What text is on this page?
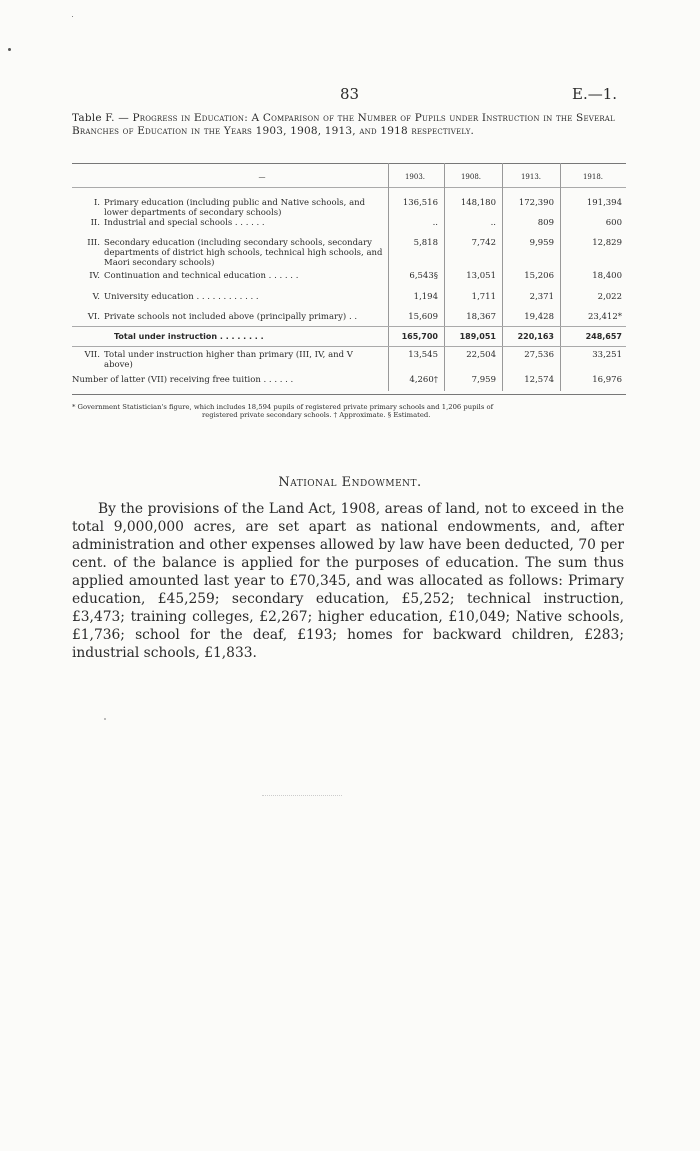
83	E.—1.
Table F. — Progress in Education: A Comparison of the Number of Pupils under Instruction in the Several Branches of Education in the Years 1903, 1908, 1913, and 1918 respectively.
—	1903.	1908.	1913.	1918.
I. Primary education (including public and Native schools, and
lower departments of secondary schools)
136,516	148,180	172,390	191,394
II. Industrial and special schools . . . . . .	..	..	809	600
III. Secondary education (including secondary schools, secondary
departments of district high schools, technical high schools, and Maori secondary schools)
5,818	7,742	9,959	12,829
IV. Continuation and technical education . . . . . .	6,543§	13,051	15,206	18,400
V. University education . . . . . . . . . . . .	1,194	1,711	2,371	2,022
VI. Private schools not included above (principally primary) . .	15,609	18,367	19,428	23,412*
Total under instruction . . . . . . . .	165,700	189,051	220,163	248,657
VII. Total under instruction higher than primary (III, IV, and V
above)
13,545	22,504	27,536	33,251
Number of latter (VII) receiving free tuition . . . . . .	4,260†	7,959	12,574	16,976
* Government Statistician's figure, which includes 18,594 pupils of registered private primary schools and 1,206 pupils of
registered private secondary schools. † Approximate. § Estimated.
National Endowment.
By the provisions of the Land Act, 1908, areas of land, not to exceed in the total 9,000,000 acres, are set apart as national endowments, and, after administration and other expenses allowed by law have been deducted, 70 per cent. of the balance is applied for the purposes of education. The sum thus applied amounted last year to £70,345, and was allocated as follows: Primary education, £45,259; secondary education, £5,252; technical instruction, £3,473; training colleges, £2,267; higher education, £10,049; Native schools, £1,736; school for the deaf, £193; homes for backward children, £283; industrial schools, £1,833.
